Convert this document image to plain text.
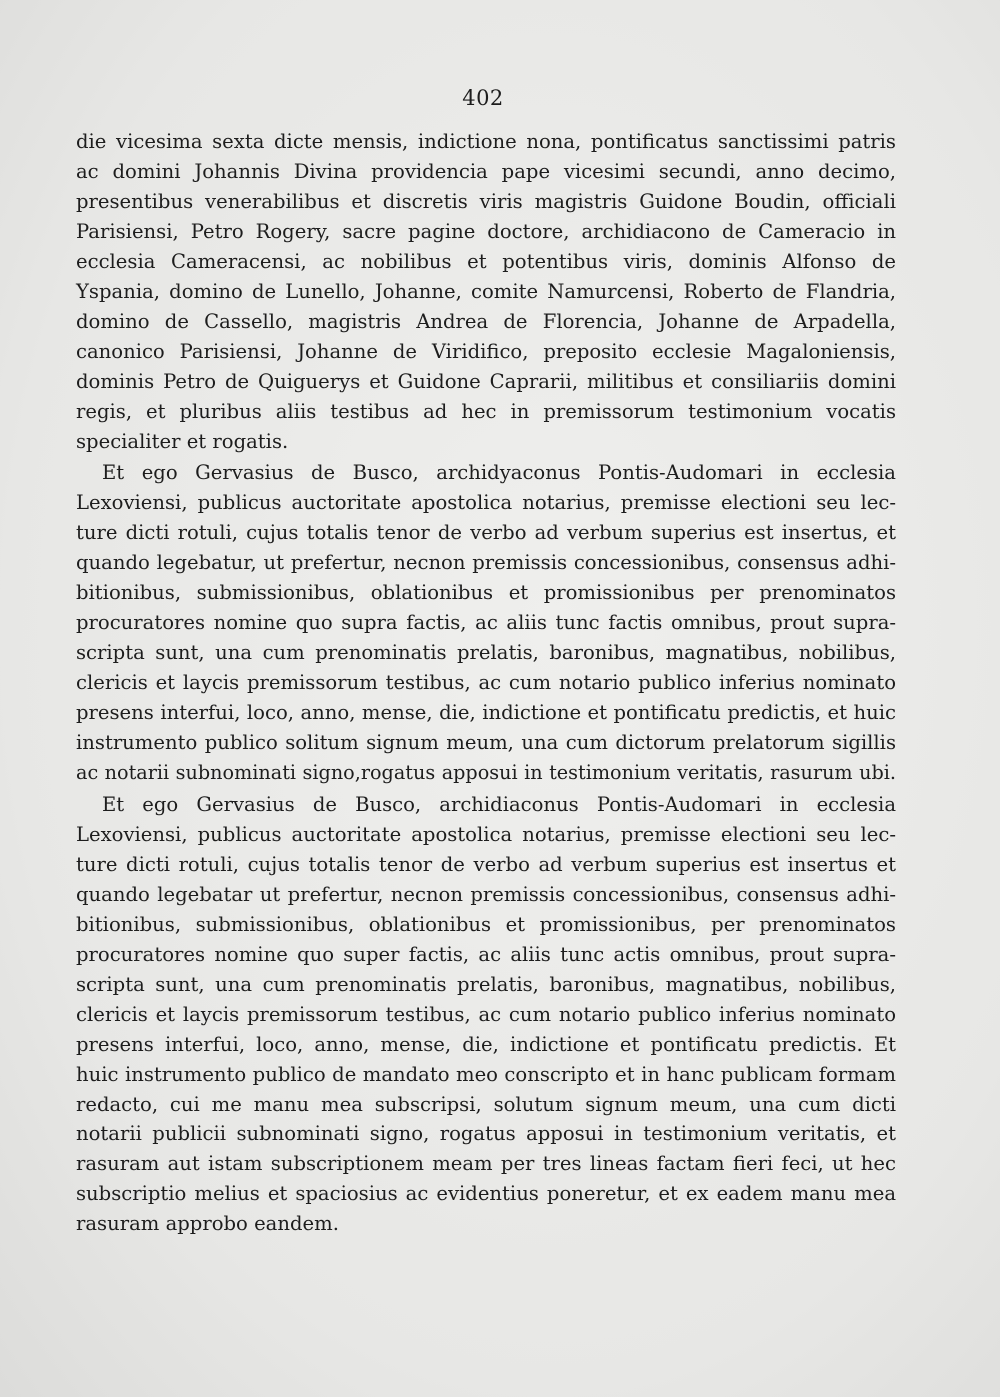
402
die vicesima sexta dicte mensis, indictione nona, pontificatus sanctissimi patris
ac domini Johannis Divina providencia pape vicesimi secundi, anno decimo,
presentibus venerabilibus et discretis viris magistris Guidone Boudin, officiali
Parisiensi, Petro Rogery, sacre pagine doctore, archidiacono de Cameracio in
ecclesia Cameracensi, ac nobilibus et potentibus viris, dominis Alfonso de
Yspania, domino de Lunello, Johanne, comite Namurcensi, Roberto de Flandria,
domino de Cassello, magistris Andrea de Florencia, Johanne de Arpadella,
canonico Parisiensi, Johanne de Viridifico, preposito ecclesie Magaloniensis,
dominis Petro de Quiguerys et Guidone Caprarii, militibus et consiliariis domini
regis, et pluribus aliis testibus ad hec in premissorum testimonium vocatis
specialiter et rogatis.
Et ego Gervasius de Busco, archidyaconus Pontis-Audomari in ecclesia
Lexoviensi, publicus auctoritate apostolica notarius, premisse electioni seu lec-
ture dicti rotuli, cujus totalis tenor de verbo ad verbum superius est insertus, et
quando legebatur, ut prefertur, necnon premissis concessionibus, consensus adhi-
bitionibus, submissionibus, oblationibus et promissionibus per prenominatos
procuratores nomine quo supra factis, ac aliis tunc factis omnibus, prout supra-
scripta sunt, una cum prenominatis prelatis, baronibus, magnatibus, nobilibus,
clericis et laycis premissorum testibus, ac cum notario publico inferius nominato
presens interfui, loco, anno, mense, die, indictione et pontificatu predictis, et huic
instrumento publico solitum signum meum, una cum dictorum prelatorum sigillis
ac notarii subnominati signo,rogatus apposui in testimonium veritatis, rasurum ubi.
Et ego Gervasius de Busco, archidiaconus Pontis-Audomari in ecclesia
Lexoviensi, publicus auctoritate apostolica notarius, premisse electioni seu lec-
ture dicti rotuli, cujus totalis tenor de verbo ad verbum superius est insertus et
quando legebatar ut prefertur, necnon premissis concessionibus, consensus adhi-
bitionibus, submissionibus, oblationibus et promissionibus, per prenominatos
procuratores nomine quo super factis, ac aliis tunc actis omnibus, prout supra-
scripta sunt, una cum prenominatis prelatis, baronibus, magnatibus, nobilibus,
clericis et laycis premissorum testibus, ac cum notario publico inferius nominato
presens interfui, loco, anno, mense, die, indictione et pontificatu predictis. Et
huic instrumento publico de mandato meo conscripto et in hanc publicam formam
redacto, cui me manu mea subscripsi, solutum signum meum, una cum dicti
notarii publicii subnominati signo, rogatus apposui in testimonium veritatis, et
rasuram aut istam subscriptionem meam per tres lineas factam fieri feci, ut hec
subscriptio melius et spaciosius ac evidentius poneretur, et ex eadem manu mea
rasuram approbo eandem.
